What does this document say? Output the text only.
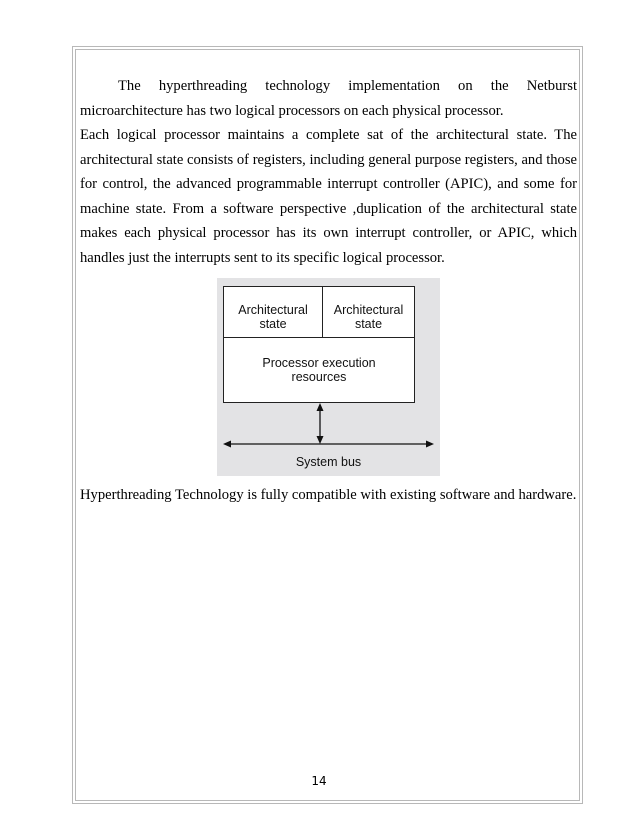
The hyperthreading technology implementation on the Netburst
microarchitecture has two logical processors on each physical processor.
Each logical processor maintains a complete sat of the architectural state. The architectural state consists of registers, including general purpose registers, and those for control, the advanced programmable interrupt controller (APIC), and some for machine state. From a software perspective ,duplication of the architectural state makes each physical processor has its own interrupt controller, or APIC, which handles just the interrupts sent to its specific logical processor.
Architectural state
Architectural state
Processor execution resources
System bus
Hyperthreading Technology is fully compatible with existing software and hardware.
14
